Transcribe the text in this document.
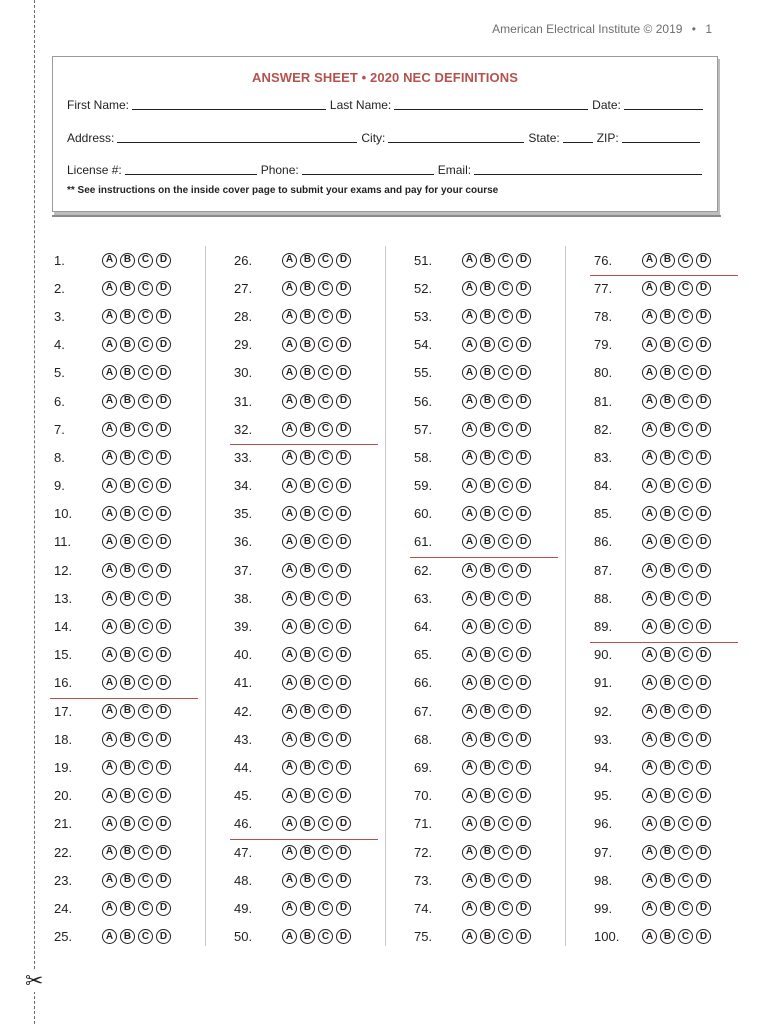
✂
American Electrical Institute © 2019 • 1
ANSWER SHEET • 2020 NEC DEFINITIONS
First Name:	Last Name:	Date:
Address:	City:	State:	ZIP:
License #:	Phone:	Email:
** See instructions on the inside cover page to submit your exams and pay for your course
1.	A	B	C	D
2.	A	B	C	D
3.	A	B	C	D
4.	A	B	C	D
5.	A	B	C	D
6.	A	B	C	D
7.	A	B	C	D
8.	A	B	C	D
9.	A	B	C	D
10.	A	B	C	D
11.	A	B	C	D
12.	A	B	C	D
13.	A	B	C	D
14.	A	B	C	D
15.	A	B	C	D
16.	A	B	C	D
17.	A	B	C	D
18.	A	B	C	D
19.	A	B	C	D
20.	A	B	C	D
21.	A	B	C	D
22.	A	B	C	D
23.	A	B	C	D
24.	A	B	C	D
25.	A	B	C	D
26.	A	B	C	D
27.	A	B	C	D
28.	A	B	C	D
29.	A	B	C	D
30.	A	B	C	D
31.	A	B	C	D
32.	A	B	C	D
33.	A	B	C	D
34.	A	B	C	D
35.	A	B	C	D
36.	A	B	C	D
37.	A	B	C	D
38.	A	B	C	D
39.	A	B	C	D
40.	A	B	C	D
41.	A	B	C	D
42.	A	B	C	D
43.	A	B	C	D
44.	A	B	C	D
45.	A	B	C	D
46.	A	B	C	D
47.	A	B	C	D
48.	A	B	C	D
49.	A	B	C	D
50.	A	B	C	D
51.	A	B	C	D
52.	A	B	C	D
53.	A	B	C	D
54.	A	B	C	D
55.	A	B	C	D
56.	A	B	C	D
57.	A	B	C	D
58.	A	B	C	D
59.	A	B	C	D
60.	A	B	C	D
61.	A	B	C	D
62.	A	B	C	D
63.	A	B	C	D
64.	A	B	C	D
65.	A	B	C	D
66.	A	B	C	D
67.	A	B	C	D
68.	A	B	C	D
69.	A	B	C	D
70.	A	B	C	D
71.	A	B	C	D
72.	A	B	C	D
73.	A	B	C	D
74.	A	B	C	D
75.	A	B	C	D
76.	A	B	C	D
77.	A	B	C	D
78.	A	B	C	D
79.	A	B	C	D
80.	A	B	C	D
81.	A	B	C	D
82.	A	B	C	D
83.	A	B	C	D
84.	A	B	C	D
85.	A	B	C	D
86.	A	B	C	D
87.	A	B	C	D
88.	A	B	C	D
89.	A	B	C	D
90.	A	B	C	D
91.	A	B	C	D
92.	A	B	C	D
93.	A	B	C	D
94.	A	B	C	D
95.	A	B	C	D
96.	A	B	C	D
97.	A	B	C	D
98.	A	B	C	D
99.	A	B	C	D
100.	A	B	C	D
